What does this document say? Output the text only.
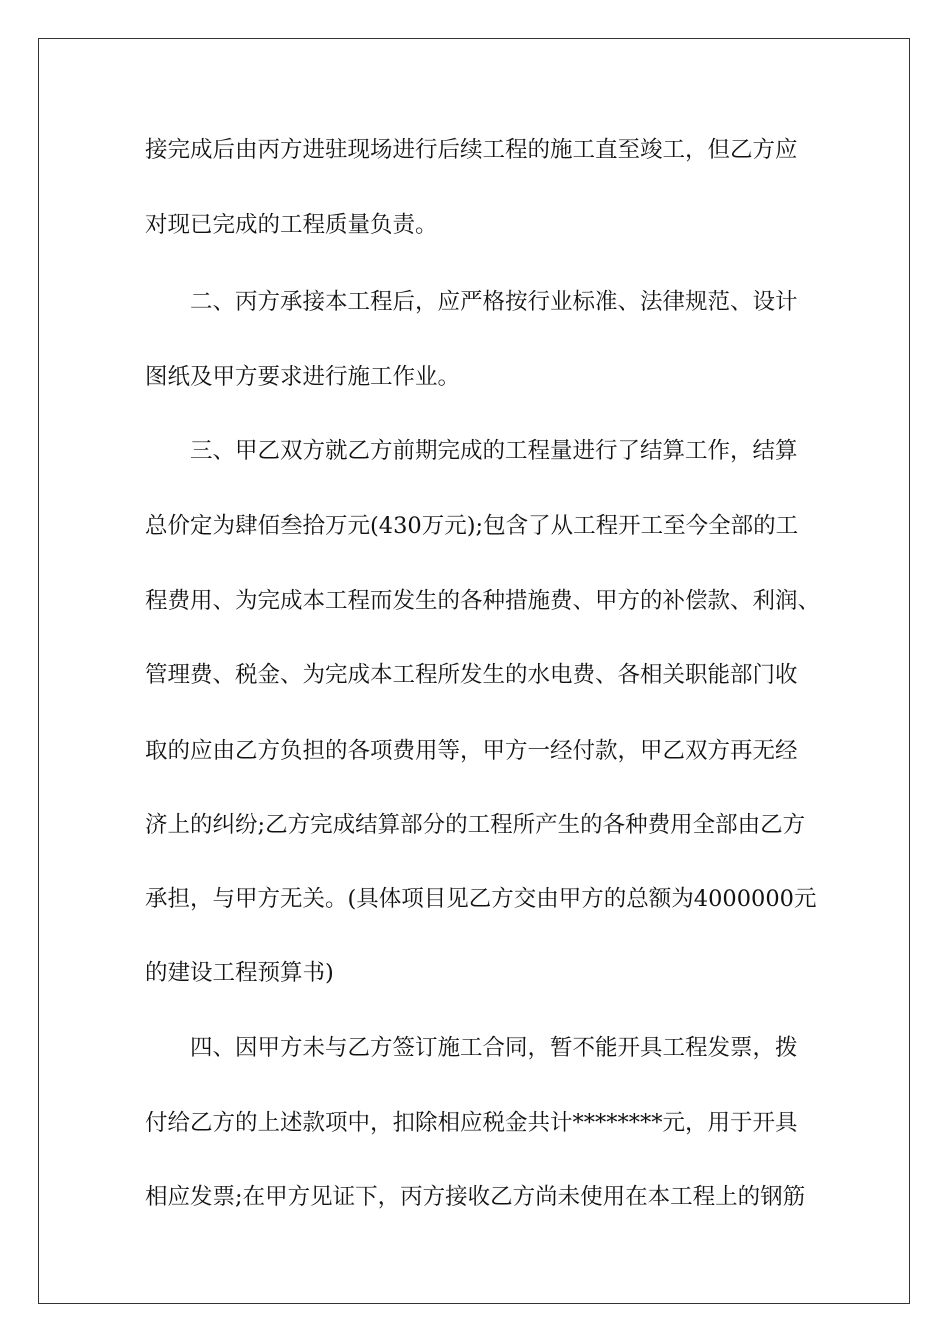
接完成后由丙方进驻现场进行后续工程的施工直至竣工，但乙方应
对现已完成的工程质量负责。
二、丙方承接本工程后，应严格按行业标准、法律规范、设计
图纸及甲方要求进行施工作业。
三、甲乙双方就乙方前期完成的工程量进行了结算工作，结算
总价定为肆佰叁拾万元(430万元);包含了从工程开工至今全部的工
程费用、为完成本工程而发生的各种措施费、甲方的补偿款、利润、
管理费、税金、为完成本工程所发生的水电费、各相关职能部门收
取的应由乙方负担的各项费用等，甲方一经付款，甲乙双方再无经
济上的纠纷;乙方完成结算部分的工程所产生的各种费用全部由乙方
承担，与甲方无关。(具体项目见乙方交由甲方的总额为4000000元
的建设工程预算书)
四、因甲方未与乙方签订施工合同，暂不能开具工程发票，拨
付给乙方的上述款项中，扣除相应税金共计********元，用于开具
相应发票;在甲方见证下，丙方接收乙方尚未使用在本工程上的钢筋
